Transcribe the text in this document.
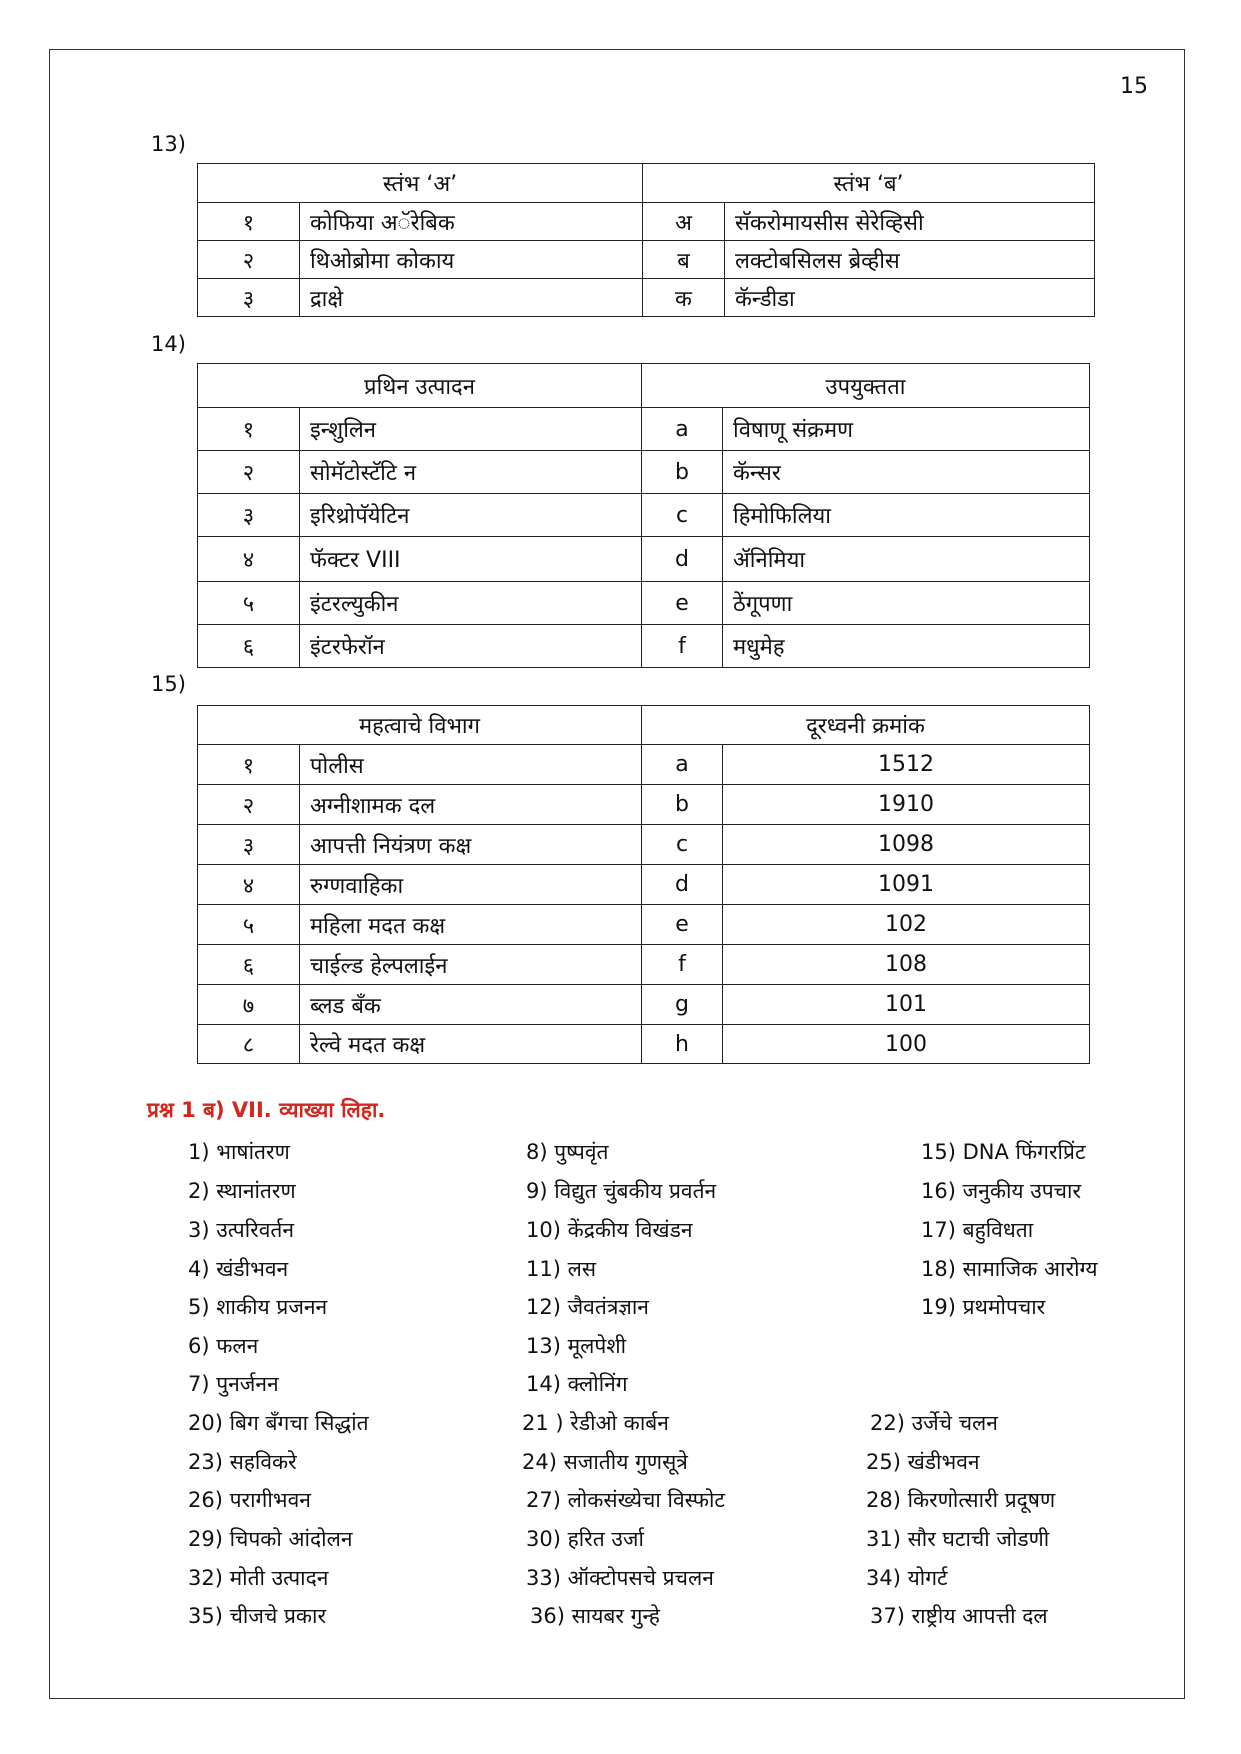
15
13)
स्तंभ ‘अ’		स्तंभ ‘ब’	
१	कोफिया अॅरेबिक	अ	सॅकरोमायसीस सेरेव्हिसी
२	थिओब्रोमा कोकाय	ब	लक्टोबसिलस ब्रेव्हीस
३	द्राक्षे	क	कॅन्डीडा
14)
प्रथिन उत्पादन		उपयुक्तता	
१	इन्शुलिन	a	विषाणू संक्रमण
२	सोमॅटोस्टॅटि न	b	कॅन्सर
३	इरिथ्रोपॅयेटिन	c	हिमोफिलिया
४	फॅक्टर VIII	d	ॲनिमिया
५	इंटरल्युकीन	e	ठेंगूपणा
६	इंटरफेरॉन	f	मधुमेह
15)
महत्वाचे विभाग		दूरध्वनी क्रमांक	
१	पोलीस	a	1512
२	अग्नीशामक दल	b	1910
३	आपत्ती नियंत्रण कक्ष	c	1098
४	रुग्णवाहिका	d	1091
५	महिला मदत कक्ष	e	102
६	चाईल्ड हेल्पलाईन	f	108
७	ब्लड बँक	g	101
८	रेल्वे मदत कक्ष	h	100
प्रश्न 1 ब) VII. व्याख्या लिहा.
1) भाषांतरण	8) पुष्पवृंत	15) DNA फिंगरप्रिंट
2) स्थानांतरण	9) विद्युत चुंबकीय प्रवर्तन	16) जनुकीय उपचार
3) उत्परिवर्तन	10) केंद्रकीय विखंडन	17) बहुविधता
4) खंडीभवन	11) लस	18) सामाजिक आरोग्य
5) शाकीय प्रजनन	12) जैवतंत्रज्ञान	19) प्रथमोपचार
6) फलन	13) मूलपेशी
7) पुनर्जनन	14) क्लोनिंग
20) बिग बँगचा सिद्धांत	21 ) रेडीओ कार्बन	22) उर्जेचे चलन
23) सहविकरे	24) सजातीय गुणसूत्रे	25) खंडीभवन
26) परागीभवन	27) लोकसंख्येचा विस्फोट	28) किरणोत्सारी प्रदूषण
29) चिपको आंदोलन	30) हरित उर्जा	31) सौर घटाची जोडणी
32) मोती उत्पादन	33) ऑक्टोपसचे प्रचलन	34) योगर्ट
35) चीजचे प्रकार	36) सायबर गुन्हे	37) राष्ट्रीय आपत्ती दल
